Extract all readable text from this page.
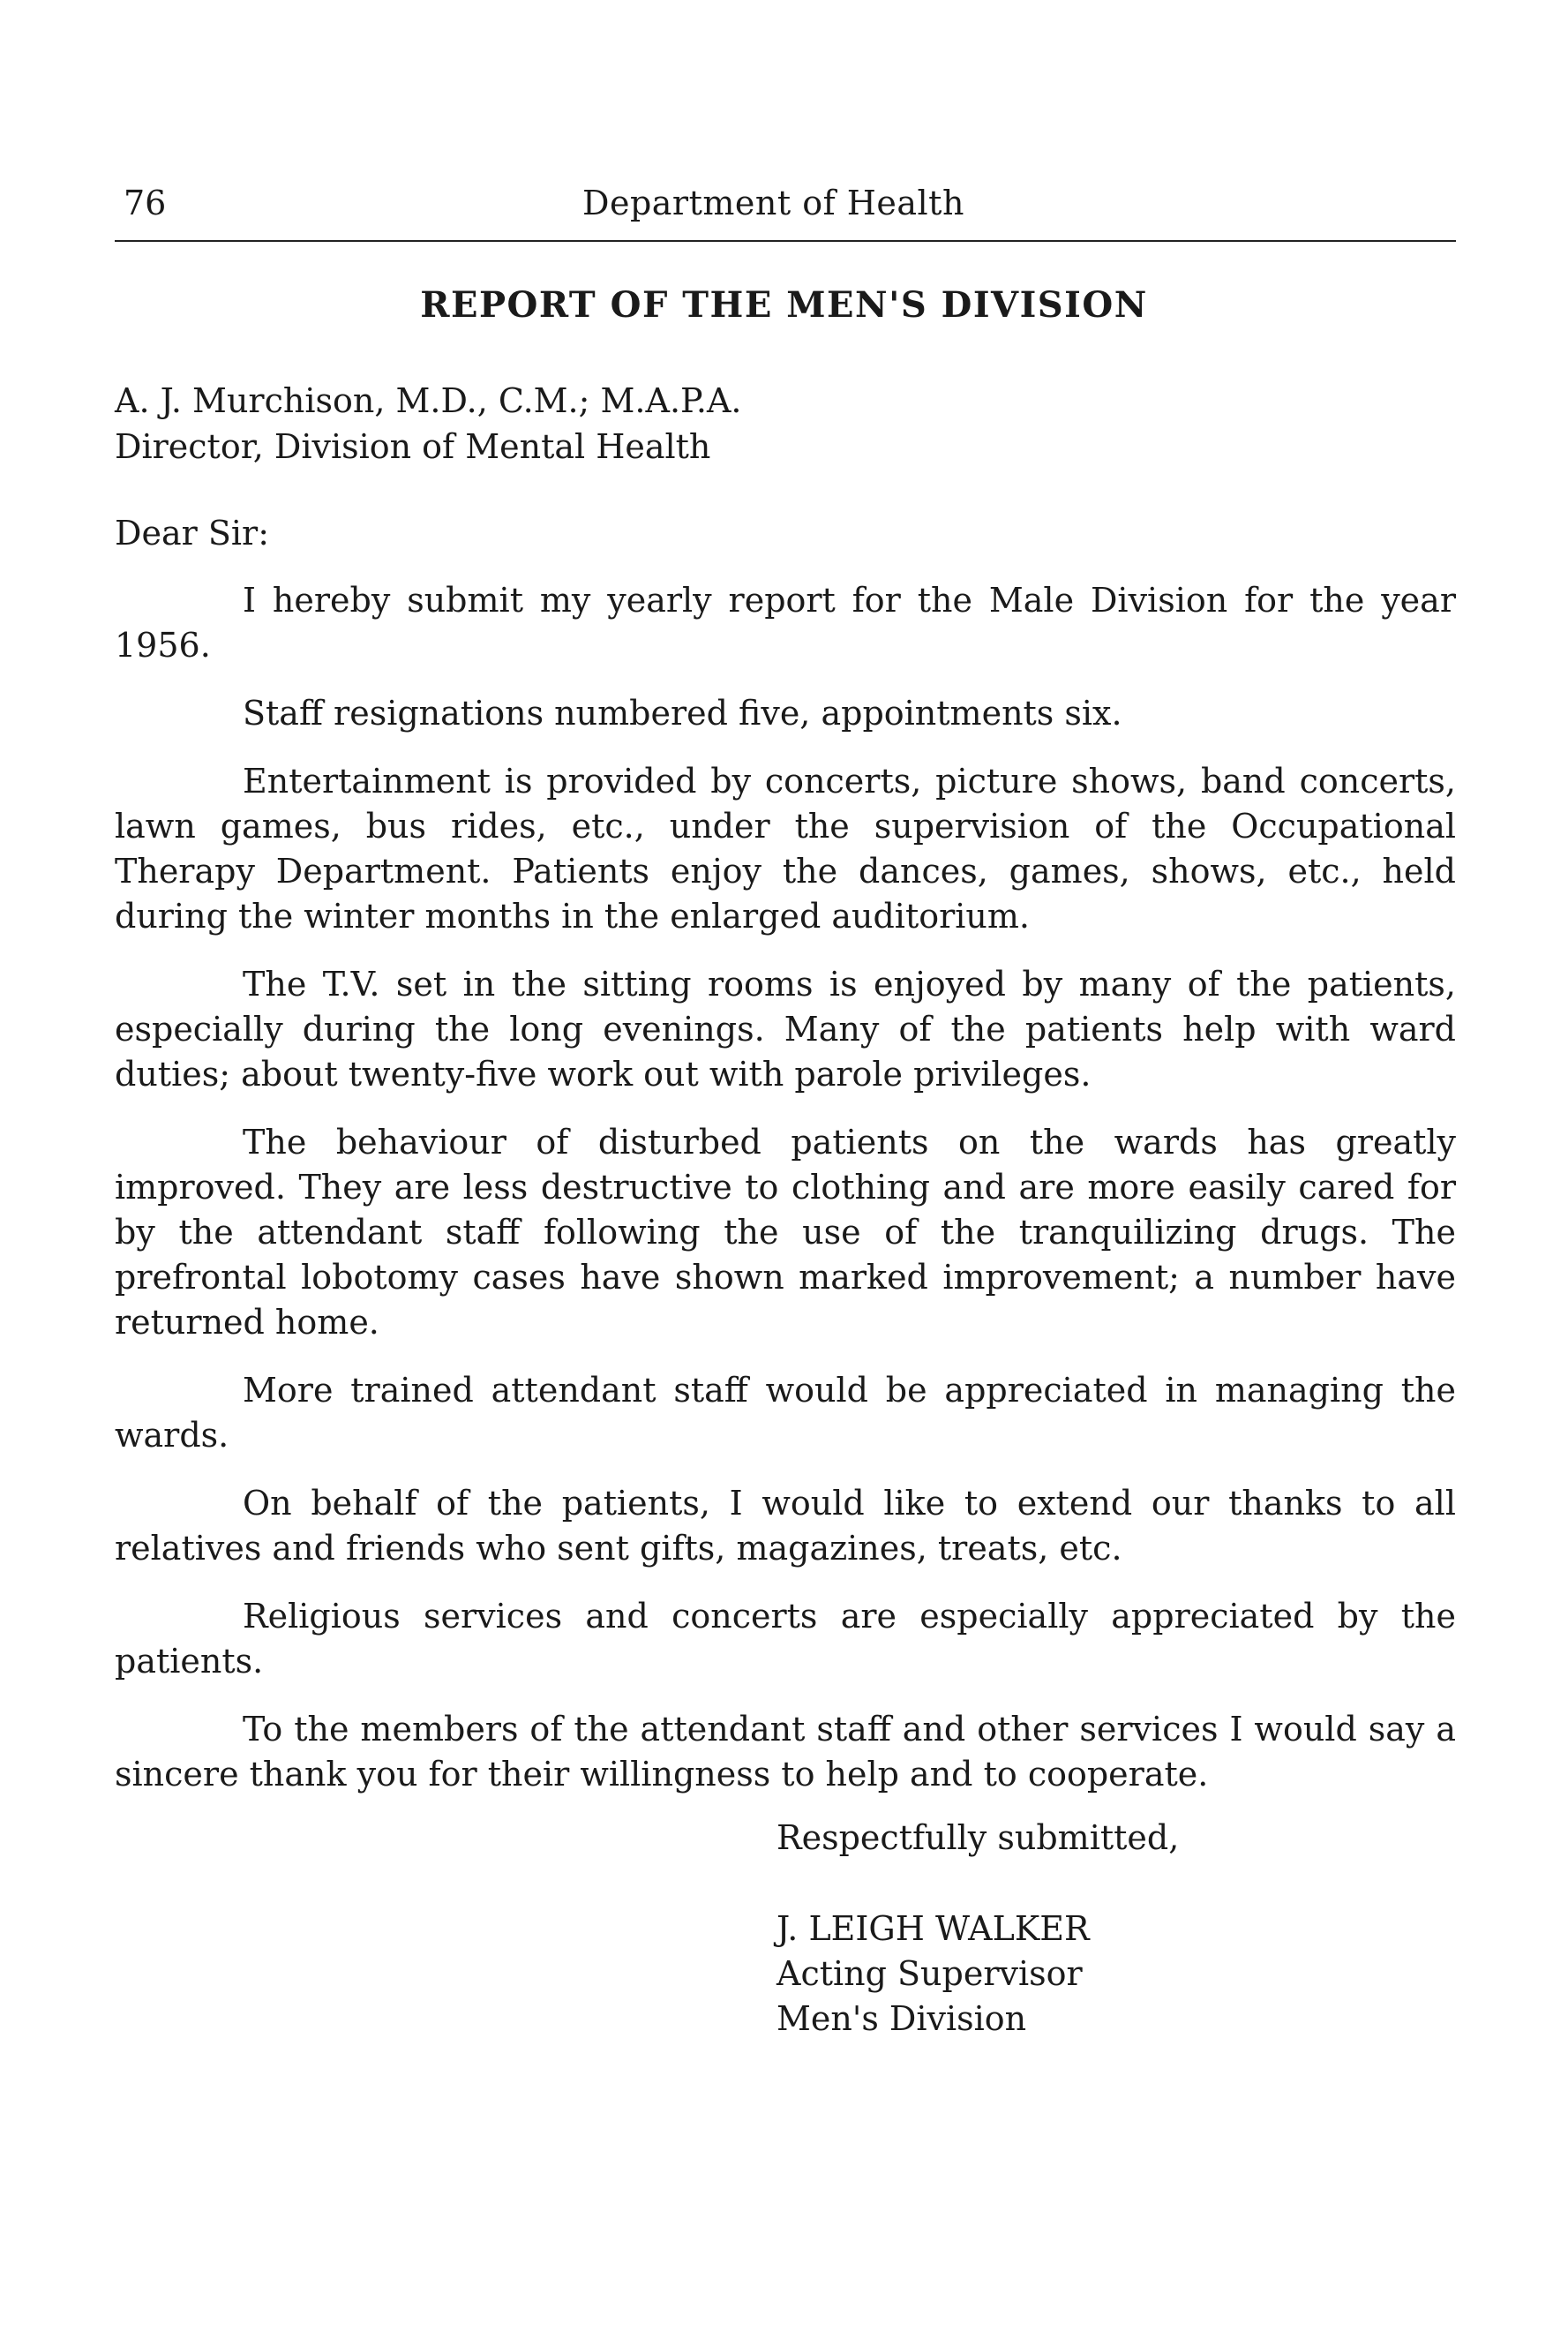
76	Department of Health
REPORT OF THE MEN'S DIVISION
A. J. Murchison, M.D., C.M.; M.A.P.A.
Director, Division of Mental Health
Dear Sir:

I hereby submit my yearly report for the Male Division for the year 1956.

Staff resignations numbered five, appointments six.

Entertainment is provided by concerts, picture shows, band concerts, lawn games, bus rides, etc., under the supervision of the Occupational Therapy Department. Patients enjoy the dances, games, shows, etc., held during the winter months in the enlarged auditorium.

The T.V. set in the sitting rooms is enjoyed by many of the patients, especially during the long evenings. Many of the patients help with ward duties; about twenty-five work out with parole privileges.

The behaviour of disturbed patients on the wards has greatly improved. They are less destructive to clothing and are more easily cared for by the attendant staff following the use of the tranquilizing drugs. The prefrontal lobotomy cases have shown marked improvement; a number have returned home.

More trained attendant staff would be appreciated in managing the wards.

On behalf of the patients, I would like to extend our thanks to all relatives and friends who sent gifts, magazines, treats, etc.

Religious services and concerts are especially appreciated by the patients.

To the members of the attendant staff and other services I would say a sincere thank you for their willingness to help and to cooperate.

Respectfully submitted,
J. LEIGH WALKER
Acting Supervisor
Men's Division
